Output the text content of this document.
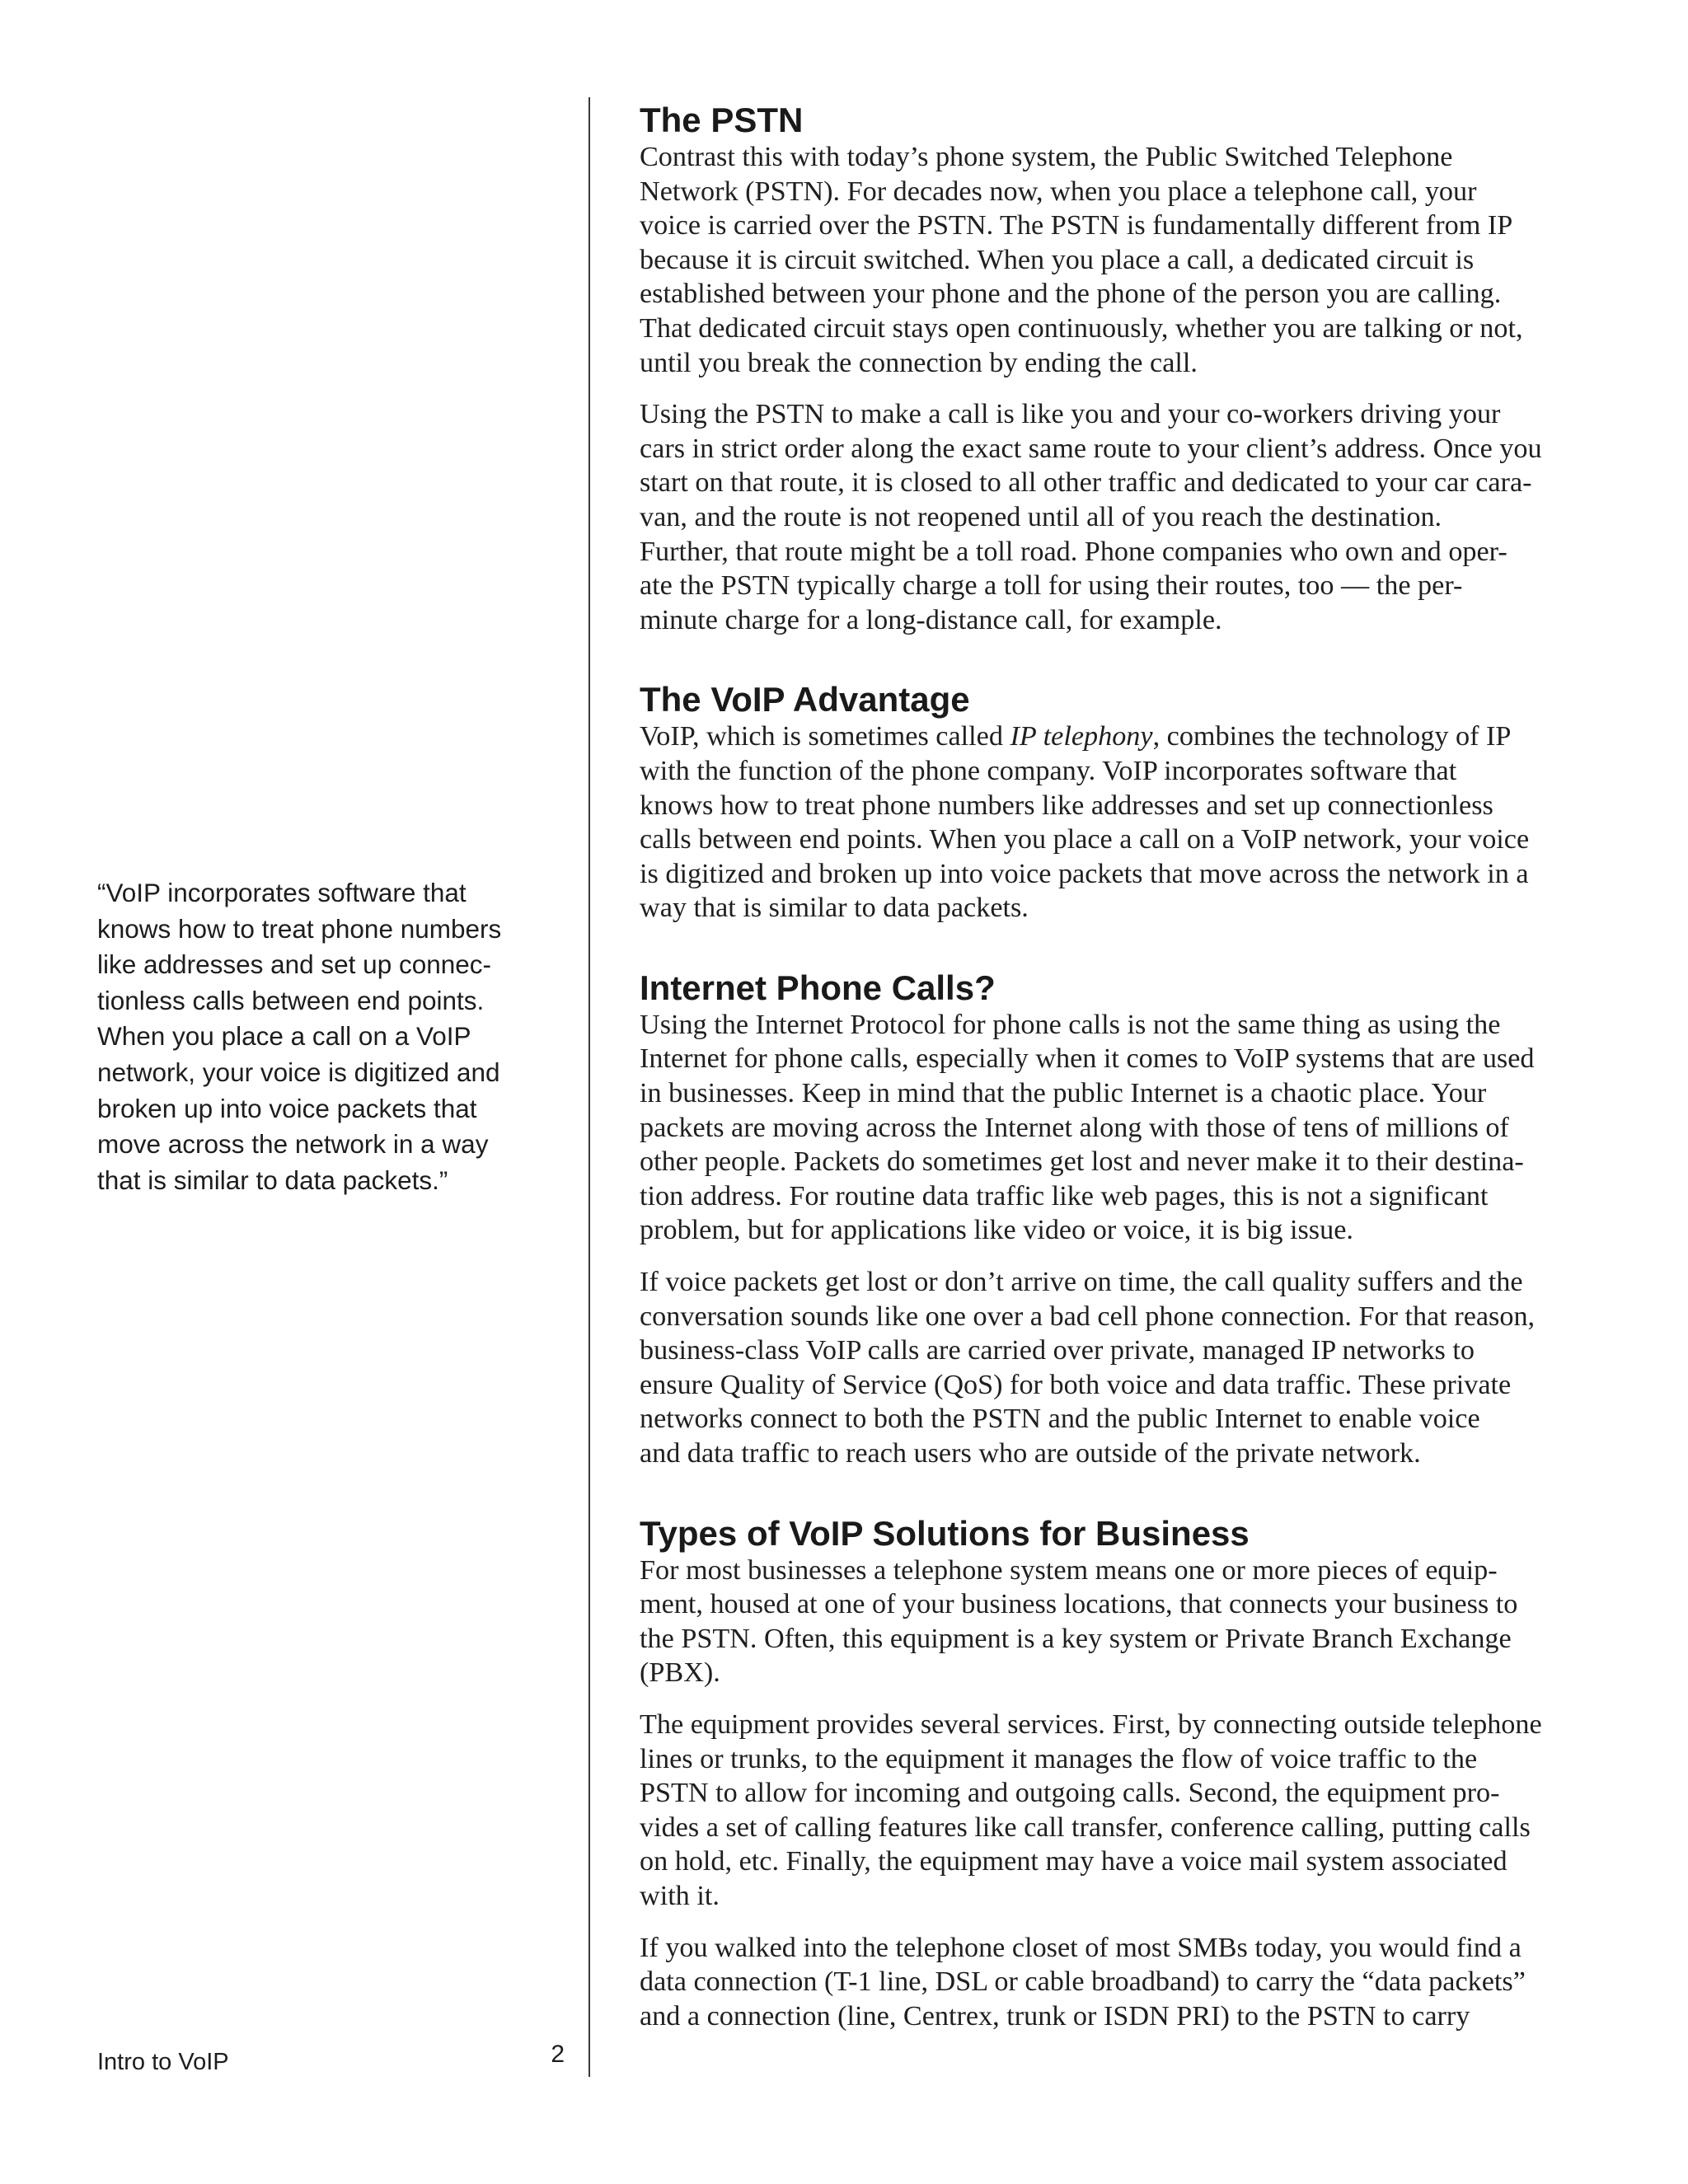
“VoIP incorporates software that
knows how to treat phone numbers
like addresses and set up connec-
tionless calls between end points.
When you place a call on a VoIP
network, your voice is digitized and
broken up into voice packets that
move across the network in a way
that is similar to data packets.”

Intro to VoIP	2
The PSTN

Contrast this with today’s phone system, the Public Switched Telephone
Network (PSTN). For decades now, when you place a telephone call, your
voice is carried over the PSTN. The PSTN is fundamentally different from IP
because it is circuit switched. When you place a call, a dedicated circuit is
established between your phone and the phone of the person you are calling.
That dedicated circuit stays open continuously, whether you are talking or not,
until you break the connection by ending the call.

Using the PSTN to make a call is like you and your co-workers driving your
cars in strict order along the exact same route to your client’s address. Once you
start on that route, it is closed to all other traffic and dedicated to your car cara-
van, and the route is not reopened until all of you reach the destination.
Further, that route might be a toll road. Phone companies who own and oper-
ate the PSTN typically charge a toll for using their routes, too — the per-
minute charge for a long-distance call, for example.

The VoIP Advantage

VoIP, which is sometimes called IP telephony, combines the technology of IP
with the function of the phone company. VoIP incorporates software that
knows how to treat phone numbers like addresses and set up connectionless
calls between end points. When you place a call on a VoIP network, your voice
is digitized and broken up into voice packets that move across the network in a
way that is similar to data packets.

Internet Phone Calls?

Using the Internet Protocol for phone calls is not the same thing as using the
Internet for phone calls, especially when it comes to VoIP systems that are used
in businesses. Keep in mind that the public Internet is a chaotic place. Your
packets are moving across the Internet along with those of tens of millions of
other people. Packets do sometimes get lost and never make it to their destina-
tion address. For routine data traffic like web pages, this is not a significant
problem, but for applications like video or voice, it is big issue.

If voice packets get lost or don’t arrive on time, the call quality suffers and the
conversation sounds like one over a bad cell phone connection. For that reason,
business-class VoIP calls are carried over private, managed IP networks to
ensure Quality of Service (QoS) for both voice and data traffic. These private
networks connect to both the PSTN and the public Internet to enable voice
and data traffic to reach users who are outside of the private network.

Types of VoIP Solutions for Business

For most businesses a telephone system means one or more pieces of equip-
ment, housed at one of your business locations, that connects your business to
the PSTN. Often, this equipment is a key system or Private Branch Exchange
(PBX).

The equipment provides several services. First, by connecting outside telephone
lines or trunks, to the equipment it manages the flow of voice traffic to the
PSTN to allow for incoming and outgoing calls. Second, the equipment pro-
vides a set of calling features like call transfer, conference calling, putting calls
on hold, etc. Finally, the equipment may have a voice mail system associated
with it.

If you walked into the telephone closet of most SMBs today, you would find a
data connection (T-1 line, DSL or cable broadband) to carry the “data packets”
and a connection (line, Centrex, trunk or ISDN PRI) to the PSTN to carry
